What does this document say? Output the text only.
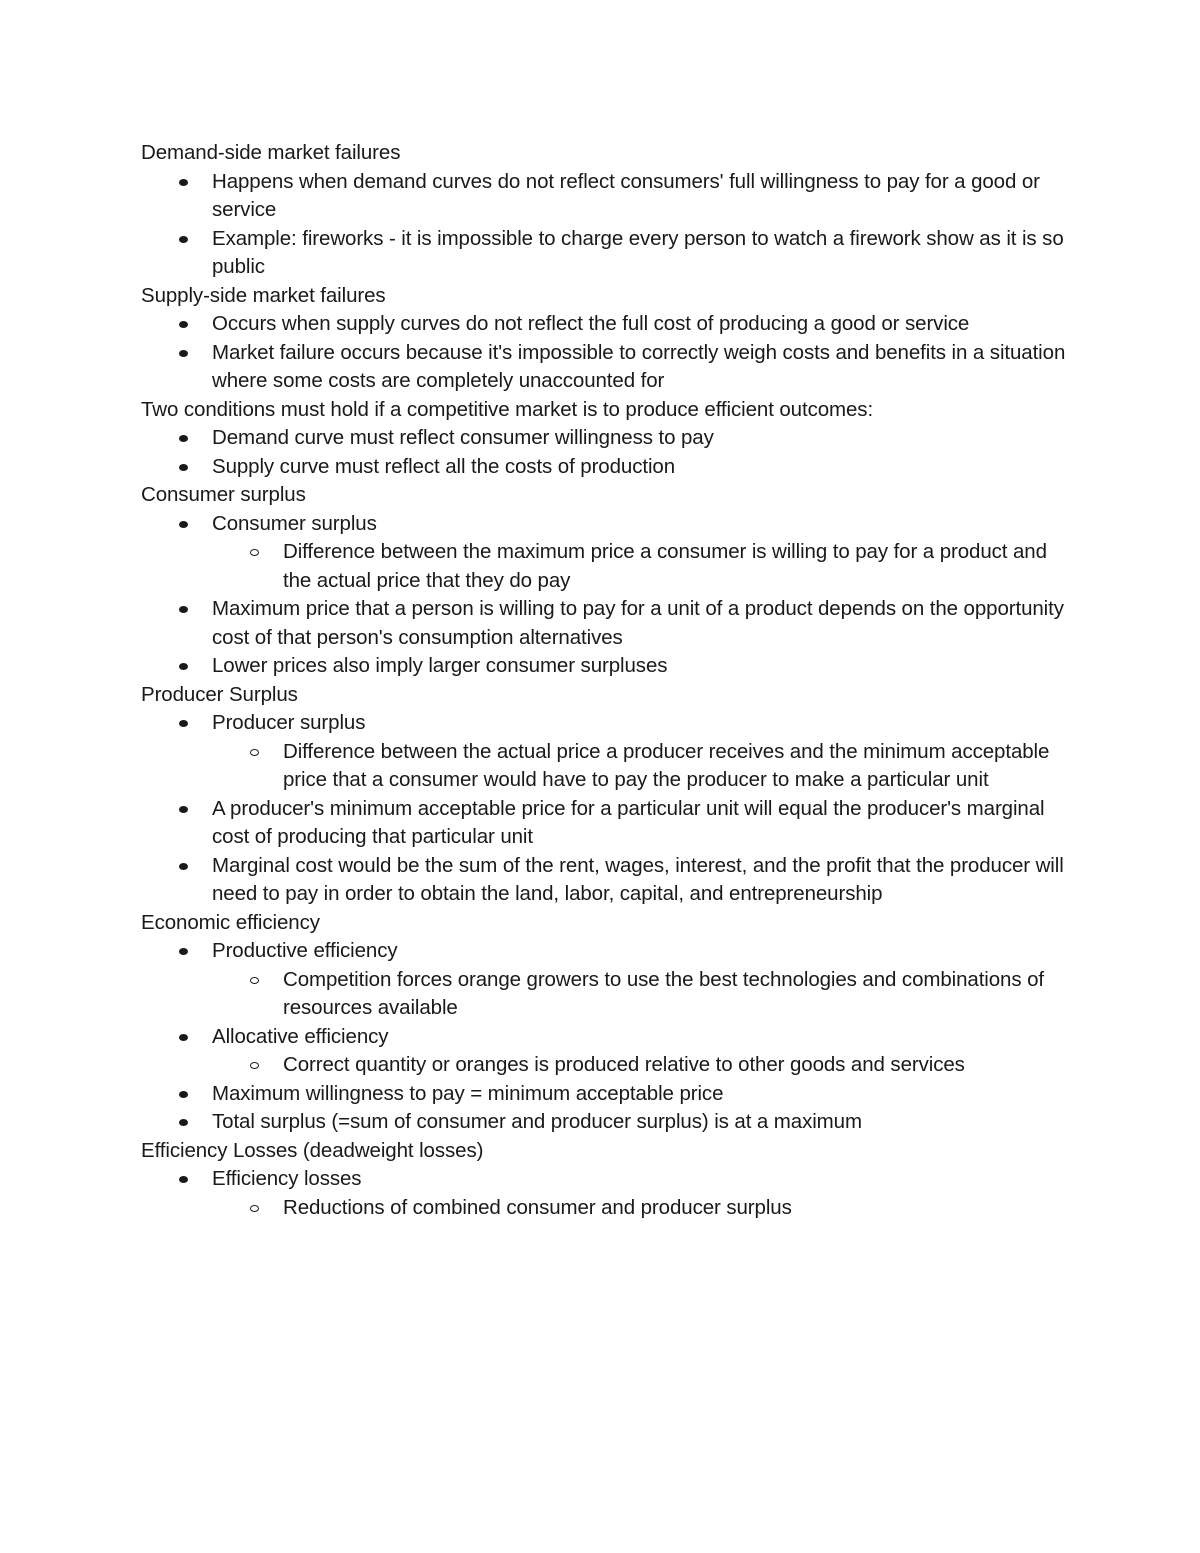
Demand-side market failures

Happens when demand curves do not reflect consumers' full willingness to pay for a good or service
Example: fireworks - it is impossible to charge every person to watch a firework show as it is so public

Supply-side market failures

Occurs when supply curves do not reflect the full cost of producing a good or service
Market failure occurs because it's impossible to correctly weigh costs and benefits in a situation where some costs are completely unaccounted for

Two conditions must hold if a competitive market is to produce efficient outcomes:

Demand curve must reflect consumer willingness to pay
Supply curve must reflect all the costs of production

Consumer surplus

Consumer surplus
Difference between the maximum price a consumer is willing to pay for a product and the actual price that they do pay
Maximum price that a person is willing to pay for a unit of a product depends on the opportunity cost of that person's consumption alternatives
Lower prices also imply larger consumer surpluses

Producer Surplus

Producer surplus
Difference between the actual price a producer receives and the minimum acceptable price that a consumer would have to pay the producer to make a particular unit
A producer's minimum acceptable price for a particular unit will equal the producer's marginal cost of producing that particular unit
Marginal cost would be the sum of the rent, wages, interest, and the profit that the producer will need to pay in order to obtain the land, labor, capital, and entrepreneurship

Economic efficiency

Productive efficiency
Competition forces orange growers to use the best technologies and combinations of resources available
Allocative efficiency
Correct quantity or oranges is produced relative to other goods and services
Maximum willingness to pay = minimum acceptable price
Total surplus (=sum of consumer and producer surplus) is at a maximum

Efficiency Losses (deadweight losses)

Efficiency losses
Reductions of combined consumer and producer surplus
